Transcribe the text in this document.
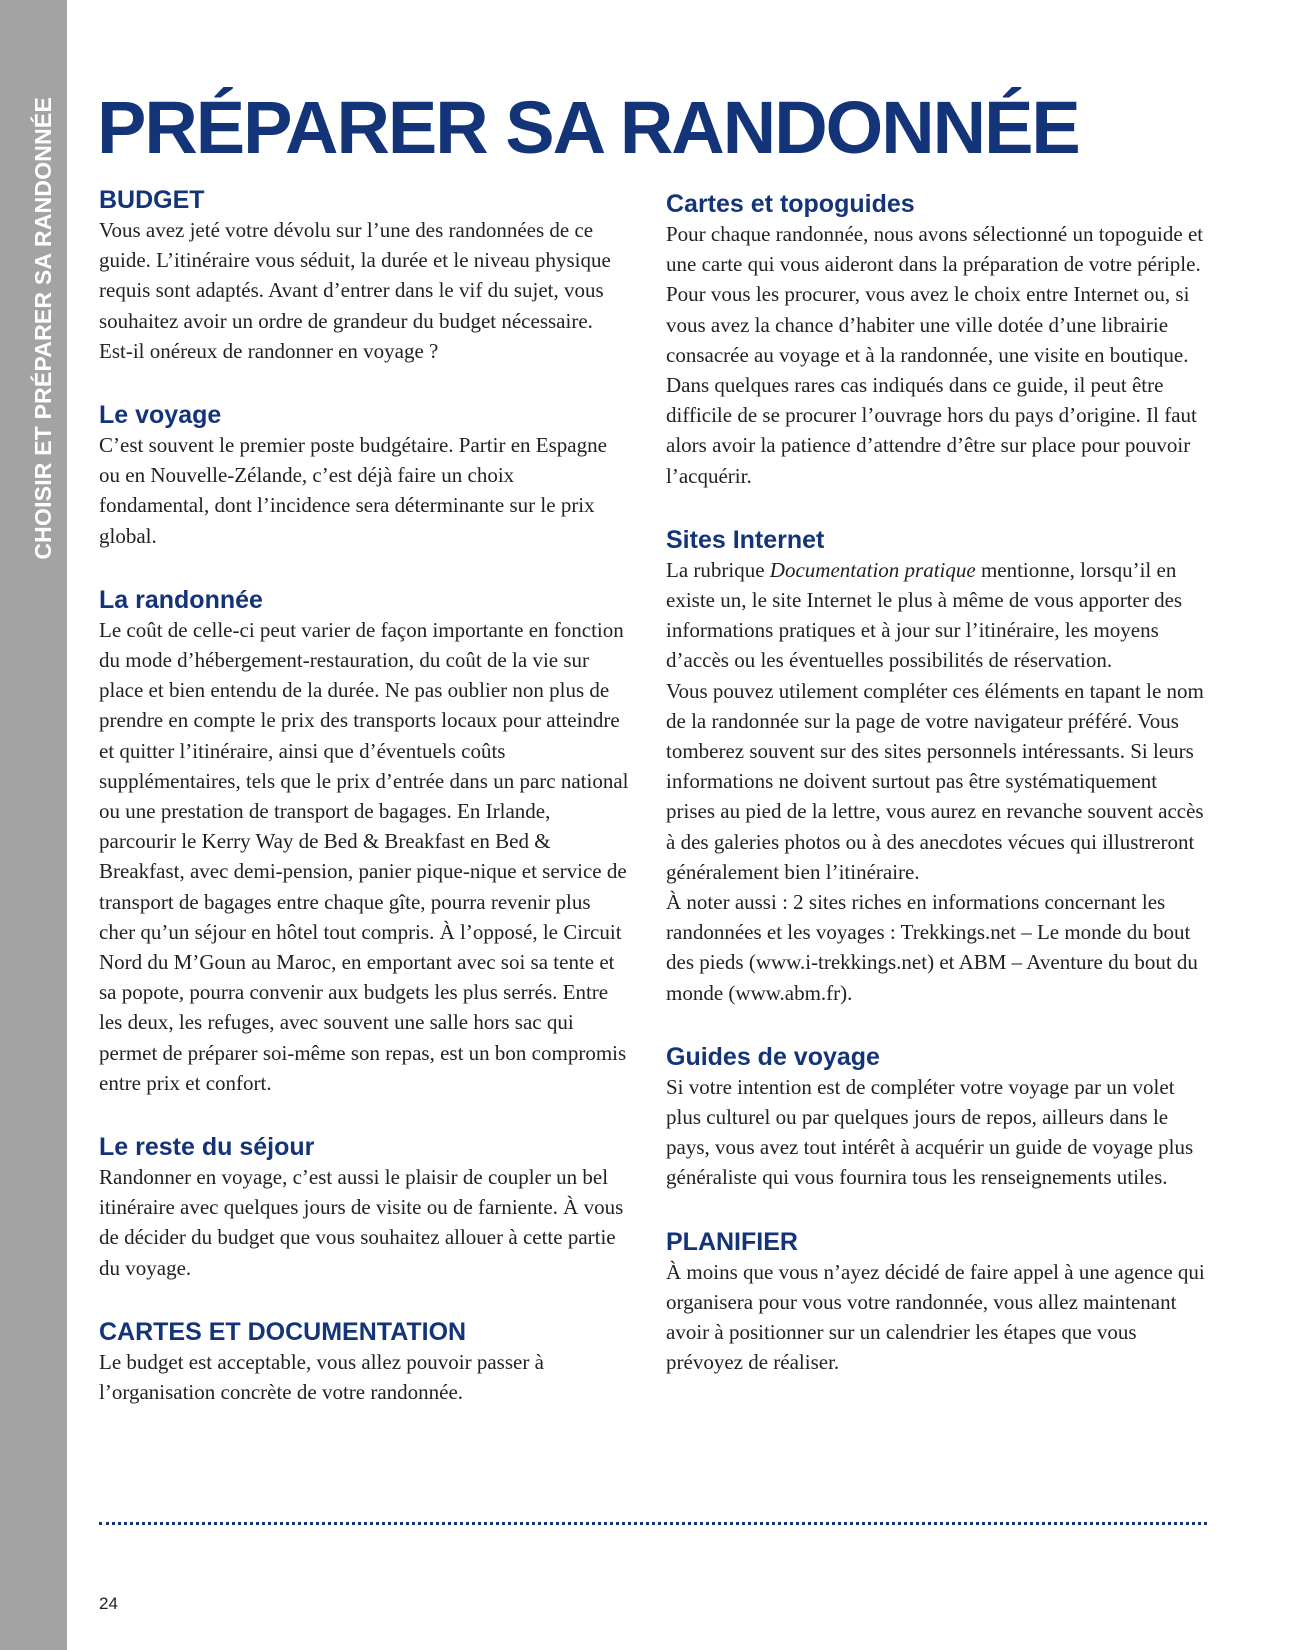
CHOISIR ET PRÉPARER SA RANDONNÉE PRÉPARER SA RANDONNÉE
BUDGET

Vous avez jeté votre dévolu sur l’une des randonnées de ce guide. L’itinéraire vous séduit, la durée et le niveau physique requis sont adaptés. Avant d’entrer dans le vif du sujet, vous souhaitez avoir un ordre de grandeur du budget nécessaire. Est-il onéreux de randonner en voyage ?

Le voyage

C’est souvent le premier poste budgétaire. Partir en Espagne ou en Nouvelle-Zélande, c’est déjà faire un choix fondamental, dont l’incidence sera déterminante sur le prix global.

La randonnée

Le coût de celle-ci peut varier de façon importante en fonction du mode d’hébergement-restauration, du coût de la vie sur place et bien entendu de la durée. Ne pas oublier non plus de prendre en compte le prix des transports locaux pour atteindre et quitter l’itinéraire, ainsi que d’éventuels coûts supplémentaires, tels que le prix d’entrée dans un parc national ou une prestation de transport de bagages. En Irlande, parcourir le Kerry Way de Bed & Breakfast en Bed & Breakfast, avec demi-pension, panier pique-nique et service de transport de bagages entre chaque gîte, pourra revenir plus cher qu’un séjour en hôtel tout compris. À l’opposé, le Circuit Nord du M’Goun au Maroc, en emportant avec soi sa tente et sa popote, pourra convenir aux budgets les plus serrés. Entre les deux, les refuges, avec souvent une salle hors sac qui permet de préparer soi-même son repas, est un bon compromis entre prix et confort.

Le reste du séjour

Randonner en voyage, c’est aussi le plaisir de coupler un bel itinéraire avec quelques jours de visite ou de farniente. À vous de décider du budget que vous souhaitez allouer à cette partie du voyage.

CARTES ET DOCUMENTATION

Le budget est acceptable, vous allez pouvoir passer à l’organisation concrète de votre randonnée.

Cartes et topoguides

Pour chaque randonnée, nous avons sélectionné un topoguide et une carte qui vous aideront dans la préparation de votre périple. Pour vous les procurer, vous avez le choix entre Internet ou, si vous avez la chance d’habiter une ville dotée d’une librairie consacrée au voyage et à la randonnée, une visite en boutique. Dans quelques rares cas indiqués dans ce guide, il peut être difficile de se procurer l’ouvrage hors du pays d’origine. Il faut alors avoir la patience d’attendre d’être sur place pour pouvoir l’acquérir.

Sites Internet

La rubrique Documentation pratique mentionne, lorsqu’il en existe un, le site Internet le plus à même de vous apporter des informations pratiques et à jour sur l’itinéraire, les moyens d’accès ou les éventuelles possibilités de réservation.

Vous pouvez utilement compléter ces éléments en tapant le nom de la randonnée sur la page de votre navigateur préféré. Vous tomberez souvent sur des sites personnels intéressants. Si leurs informations ne doivent surtout pas être systématiquement prises au pied de la lettre, vous aurez en revanche souvent accès à des galeries photos ou à des anecdotes vécues qui illustreront généralement bien l’itinéraire.

À noter aussi : 2 sites riches en informations concernant les randonnées et les voyages : Trekkings.net – Le monde du bout des pieds (www.i-trekkings.net) et ABM – Aventure du bout du monde (www.abm.fr).

Guides de voyage

Si votre intention est de compléter votre voyage par un volet plus culturel ou par quelques jours de repos, ailleurs dans le pays, vous avez tout intérêt à acquérir un guide de voyage plus généraliste qui vous fournira tous les renseignements utiles.

PLANIFIER

À moins que vous n’ayez décidé de faire appel à une agence qui organisera pour vous votre randonnée, vous allez maintenant avoir à positionner sur un calendrier les étapes que vous prévoyez de réaliser.

24
